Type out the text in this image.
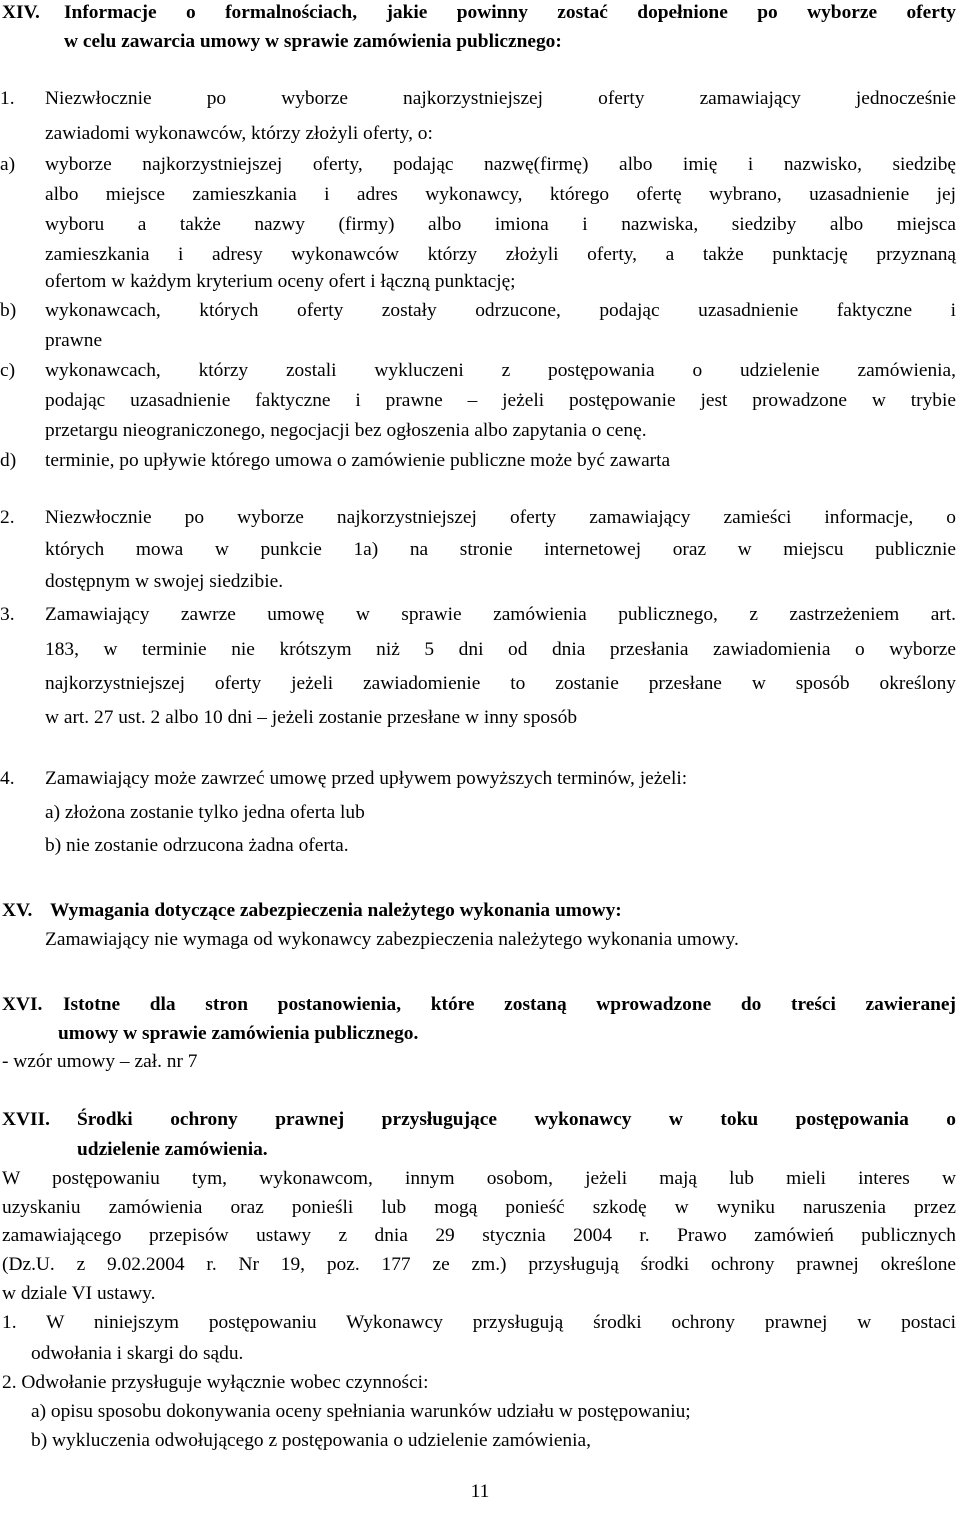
XIV. Informacje o formalnościach, jakie powinny zostać dopełnione po wyborze oferty
w celu zawarcia umowy w sprawie zamówienia publicznego:
1. Niezwłocznie po wyborze najkorzystniejszej oferty zamawiający jednocześnie
zawiadomi wykonawców, którzy złożyli oferty, o:
a) wyborze najkorzystniejszej oferty, podając nazwę(firmę) albo imię i nazwisko, siedzibę
albo miejsce zamieszkania i adres wykonawcy, którego ofertę wybrano, uzasadnienie jej
wyboru a także nazwy (firmy) albo imiona i nazwiska, siedziby albo miejsca
zamieszkania i adresy wykonawców którzy złożyli oferty, a także punktację przyznaną
ofertom w każdym kryterium oceny ofert i łączną punktację;
b) wykonawcach, których oferty zostały odrzucone, podając uzasadnienie faktyczne i
prawne
c) wykonawcach, którzy zostali wykluczeni z postępowania o udzielenie zamówienia,
podając uzasadnienie faktyczne i prawne – jeżeli postępowanie jest prowadzone w trybie
przetargu nieograniczonego, negocjacji bez ogłoszenia albo zapytania o cenę.
d) terminie, po upływie którego umowa o zamówienie publiczne może być zawarta
2. Niezwłocznie po wyborze najkorzystniejszej oferty zamawiający zamieści informacje, o
których mowa w punkcie 1a) na stronie internetowej oraz w miejscu publicznie
dostępnym w swojej siedzibie.
3. Zamawiający zawrze umowę w sprawie zamówienia publicznego, z zastrzeżeniem art.
183, w terminie nie krótszym niż 5 dni od dnia przesłania zawiadomienia o wyborze
najkorzystniejszej oferty jeżeli zawiadomienie to zostanie przesłane w sposób określony
w art. 27 ust. 2 albo 10 dni – jeżeli zostanie przesłane w inny sposób
4. Zamawiający może zawrzeć umowę przed upływem powyższych terminów, jeżeli:
a) złożona zostanie tylko jedna oferta lub
b) nie zostanie odrzucona żadna oferta.
XV. Wymagania dotyczące zabezpieczenia należytego wykonania umowy:
Zamawiający nie wymaga od wykonawcy zabezpieczenia należytego wykonania umowy.
XVI. Istotne dla stron postanowienia, które zostaną wprowadzone do treści zawieranej
umowy w sprawie zamówienia publicznego.
- wzór umowy – zał. nr 7
XVII. Środki ochrony prawnej przysługujące wykonawcy w toku postępowania o
udzielenie zamówienia.
W postępowaniu tym, wykonawcom, innym osobom, jeżeli mają lub mieli interes w
uzyskaniu zamówienia oraz ponieśli lub mogą ponieść szkodę w wyniku naruszenia przez
zamawiającego przepisów ustawy z dnia 29 stycznia 2004 r. Prawo zamówień publicznych
(Dz.U. z 9.02.2004 r. Nr 19, poz. 177 ze zm.) przysługują środki ochrony prawnej określone
w dziale VI ustawy.
1. W niniejszym postępowaniu Wykonawcy przysługują środki ochrony prawnej w postaci
odwołania i skargi do sądu.
2. Odwołanie przysługuje wyłącznie wobec czynności:
a) opisu sposobu dokonywania oceny spełniania warunków udziału w postępowaniu;
b) wykluczenia odwołującego z postępowania o udzielenie zamówienia,
11
